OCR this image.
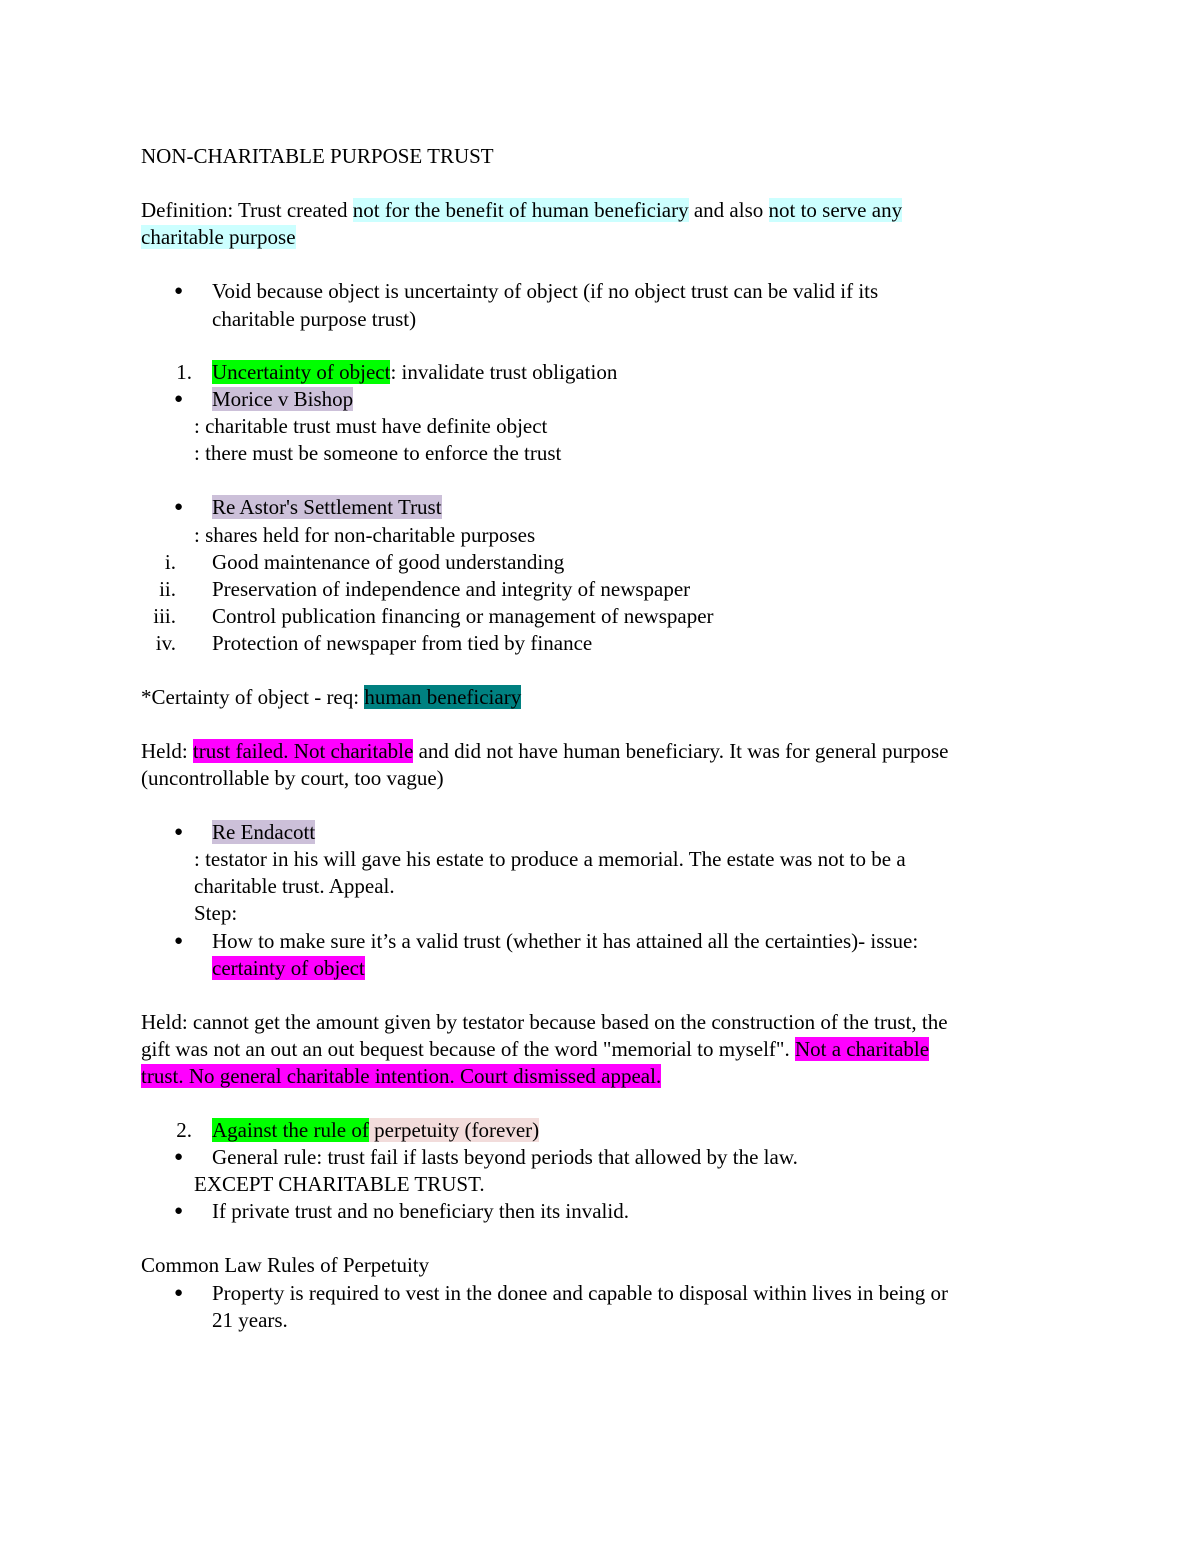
NON-CHARITABLE PURPOSE TRUST
Definition: Trust created not for the benefit of human beneficiary and also not to serve any
charitable purpose
● Void because object is uncertainty of object (if no object trust can be valid if its
charitable purpose trust)
1. Uncertainty of object: invalidate trust obligation
● Morice v Bishop
: charitable trust must have definite object
: there must be someone to enforce the trust
● Re Astor's Settlement Trust
: shares held for non-charitable purposes
i. Good maintenance of good understanding
ii. Preservation of independence and integrity of newspaper
iii. Control publication financing or management of newspaper
iv. Protection of newspaper from tied by finance
*Certainty of object - req: human beneficiary
Held: trust failed. Not charitable and did not have human beneficiary. It was for general purpose
(uncontrollable by court, too vague)
● Re Endacott
: testator in his will gave his estate to produce a memorial. The estate was not to be a
charitable trust. Appeal.
Step:
● How to make sure it’s a valid trust (whether it has attained all the certainties)- issue:
certainty of object
Held: cannot get the amount given by testator because based on the construction of the trust, the
gift was not an out an out bequest because of the word "memorial to myself". Not a charitable
trust. No general charitable intention. Court dismissed appeal.
2. Against the rule of perpetuity (forever)
● General rule: trust fail if lasts beyond periods that allowed by the law.
EXCEPT CHARITABLE TRUST.
● If private trust and no beneficiary then its invalid.
Common Law Rules of Perpetuity
● Property is required to vest in the donee and capable to disposal within lives in being or
21 years.
